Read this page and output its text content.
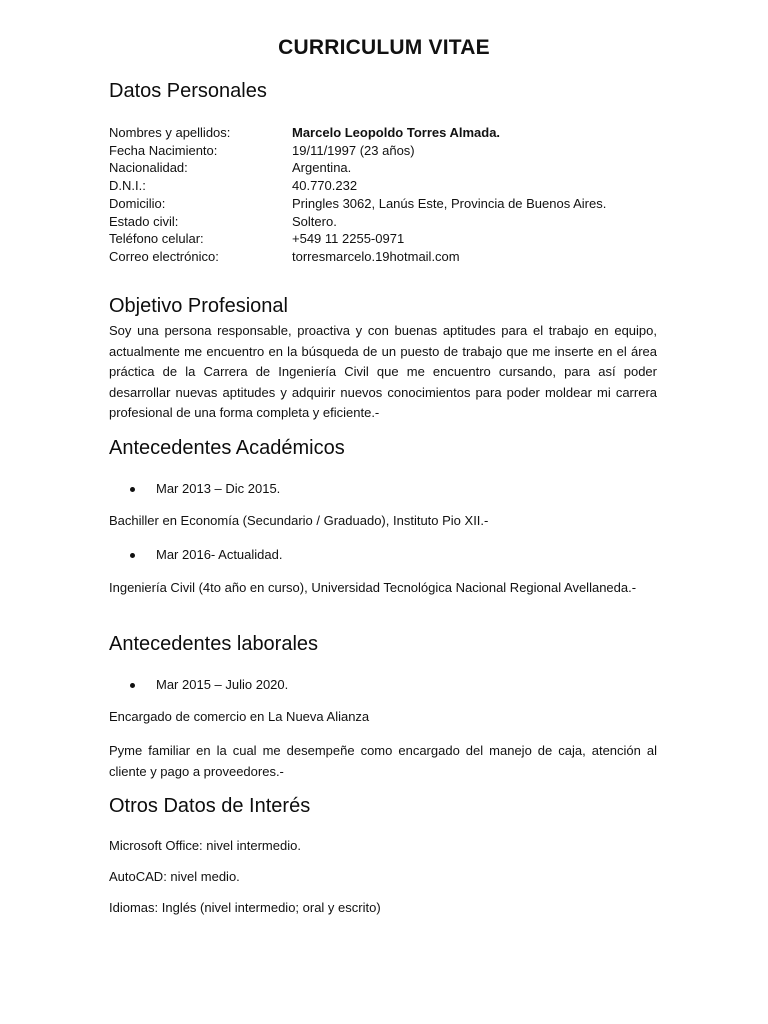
CURRICULUM VITAE
Datos Personales
Nombres y apellidos:	Marcelo Leopoldo Torres Almada.
Fecha Nacimiento:	19/11/1997 (23 años)
Nacionalidad:	Argentina.
D.N.I.:	40.770.232
Domicilio:	Pringles 3062, Lanús Este, Provincia de Buenos Aires.
Estado civil:	Soltero.
Teléfono celular:	+549 11 2255-0971
Correo electrónico:	torresmarcelo.19hotmail.com
Objetivo Profesional
Soy una persona responsable, proactiva y con buenas aptitudes para el trabajo en equipo, actualmente me encuentro en la búsqueda de un puesto de trabajo que me inserte en el área práctica de la Carrera de Ingeniería Civil que me encuentro cursando, para así poder desarrollar nuevas aptitudes y adquirir nuevos conocimientos para poder moldear mi carrera profesional de una forma completa y eficiente.-
Antecedentes Académicos
Mar 2013 – Dic 2015.
Bachiller en Economía (Secundario / Graduado), Instituto Pio XII.-
Mar 2016- Actualidad.
Ingeniería Civil (4to año en curso), Universidad Tecnológica Nacional Regional Avellaneda.-
Antecedentes laborales
Mar 2015 – Julio 2020.
Encargado de comercio en La Nueva Alianza
Pyme familiar en la cual me desempeñe como encargado del manejo de caja, atención al cliente y pago a proveedores.-
Otros Datos de Interés
Microsoft Office: nivel intermedio.
AutoCAD: nivel medio.
Idiomas: Inglés (nivel intermedio; oral y escrito)
